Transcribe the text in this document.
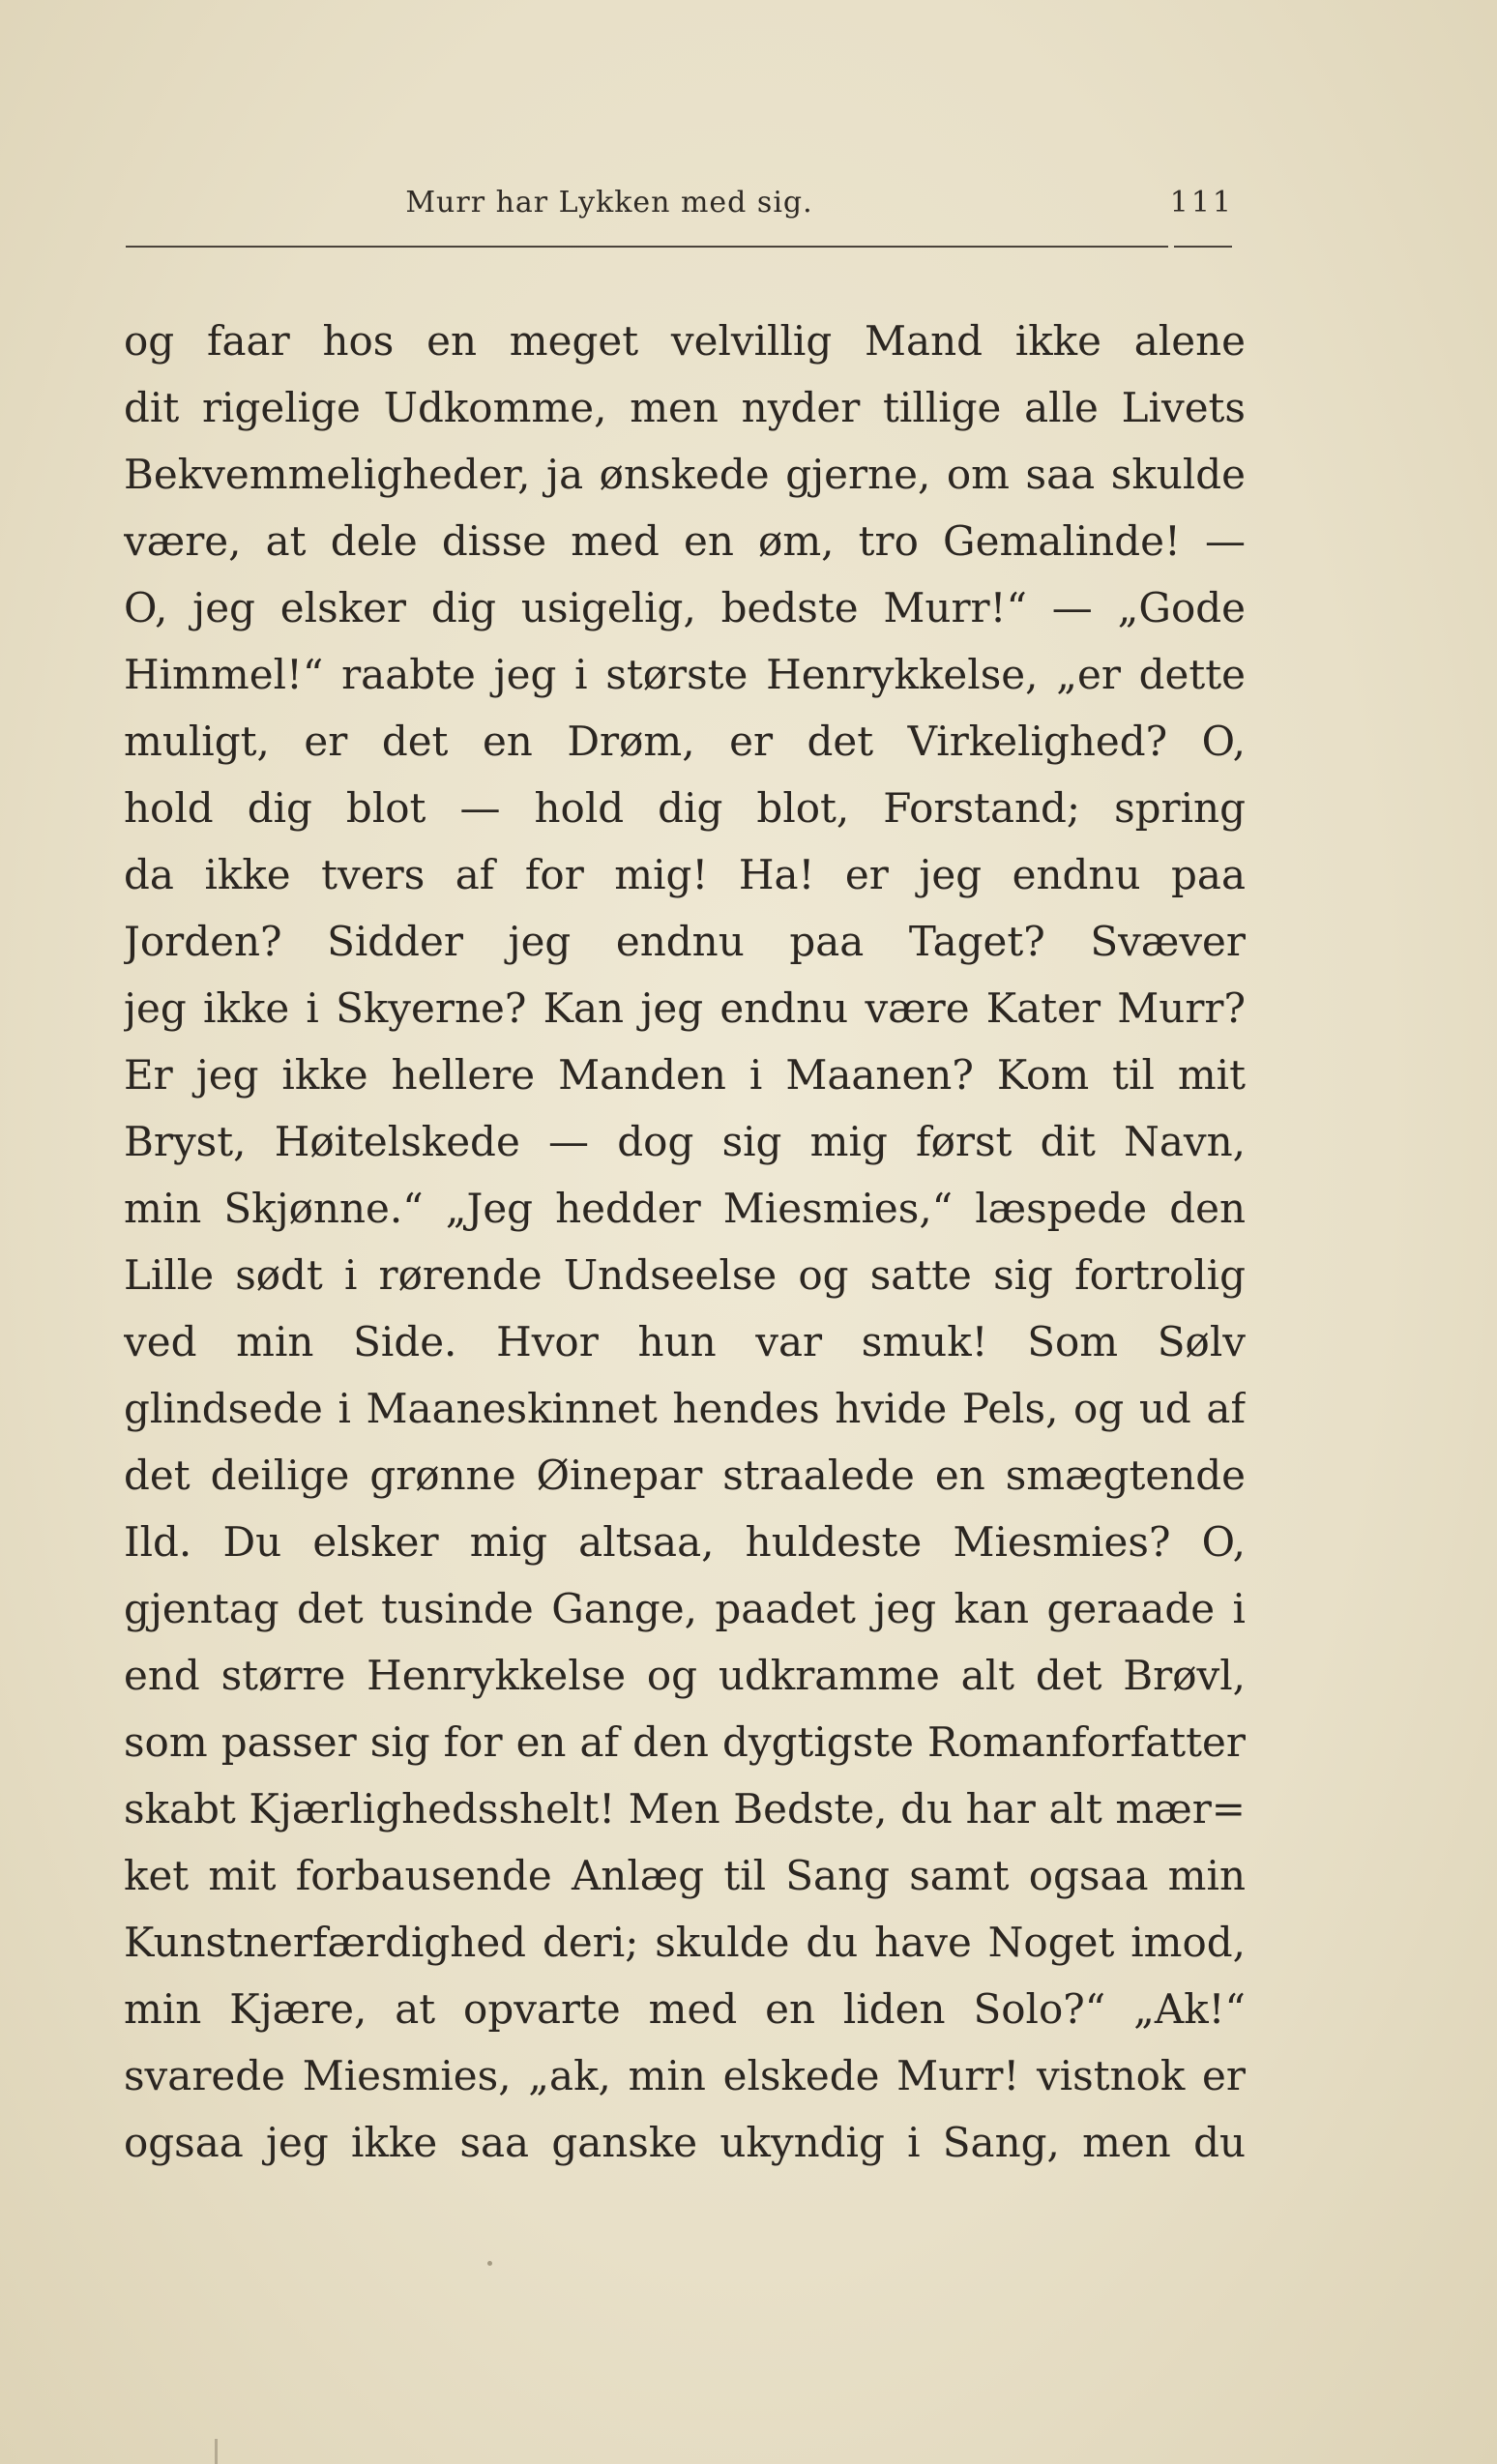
Murr har Lykken med sig.	111
og faar hos en meget velvillig Mand ikke alene
dit rigelige Udkomme, men nyder tillige alle Livets
Bekvemmeligheder, ja ønskede gjerne, om saa skulde
være, at dele disse med en øm, tro Gemalinde! —
O, jeg elsker dig usigelig, bedste Murr!“ — „Gode
Himmel!“ raabte jeg i største Henrykkelse, „er dette
muligt, er det en Drøm, er det Virkelighed? O,
hold dig blot — hold dig blot, Forstand; spring
da ikke tvers af for mig! Ha! er jeg endnu paa
Jorden? Sidder jeg endnu paa Taget? Svæver
jeg ikke i Skyerne? Kan jeg endnu være Kater Murr?
Er jeg ikke hellere Manden i Maanen? Kom til mit
Bryst, Høitelskede — dog sig mig først dit Navn,
min Skjønne.“ „Jeg hedder Miesmies,“ læspede den
Lille sødt i rørende Undseelse og satte sig fortrolig
ved min Side. Hvor hun var smuk! Som Sølv
glindsede i Maaneskinnet hendes hvide Pels, og ud af
det deilige grønne Øinepar straalede en smægtende
Ild. Du elsker mig altsaa, huldeste Miesmies? O,
gjentag det tusinde Gange, paadet jeg kan geraade i
end større Henrykkelse og udkramme alt det Brøvl,
som passer sig for en af den dygtigste Romanforfatter
skabt Kjærlighedsshelt! Men Bedste, du har alt mær=
ket mit forbausende Anlæg til Sang samt ogsaa min
Kunstnerfærdighed deri; skulde du have Noget imod,
min Kjære, at opvarte med en liden Solo?“ „Ak!“
svarede Miesmies, „ak, min elskede Murr! vistnok er
ogsaa jeg ikke saa ganske ukyndig i Sang, men du
